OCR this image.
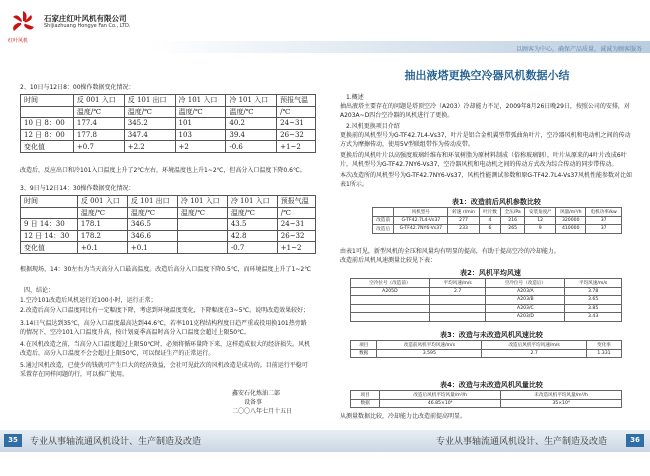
红叶风机
石家庄红叶风机有限公司
Shijiazhuang Hongye Fan Co., LTD.
以顾客为中心，确保产品质量，诚诚为顾客服务
2、10日与12日8：00操作数据变化情况：
时间	反 001 入口	反 101 出口	冷 101 入口	冷 101 入口	预报气温
	温度/℃	温度/℃	温度/℃	温度/℃	/℃
10 日 8：00	177.4	345.2	101	40.2	24~31
12 日 8：00	177.8	347.4	103	39.4	26~32
变化值	+0.7	+2.2	+2	-0.6	+1~2
改造后，反应出口和冷101入口温度上升了2℃左右，环境温度也上升1~2℃，但高分入口温度下降0.6℃。
3、9日与12日14：30操作数据变化情况：
时间	反 001 入口	反 101 出口	冷 101 入口	冷 101 入口	预报气温
	温度/℃	温度/℃	温度/℃	温度/℃	/℃
9 日 14：30	178.1	346.5		43.5	24~31
12 日 14：30	178.2	346.6		42.8	26~32
变化值	+0.1	+0.1		-0.7	+1~2
根据现场、14：30左右为当天高分入口最高温度。改造后高分入口温度下降0.5℃，而环境温度上升了1~2℃
四、结论：
1.空冷101改造后风机运行近100小时，运行正常；
2.改造后高分入口温度同比有一定幅度下降，考虑到环境温度变化，下降幅度在3~5℃，说明改造效果较好；
3.14日气温达到35℃，高分入口温度最高达到44.6℃，若率101克程结构程度日趋严重或投用换101热旁路的情况下，空冷101入口温度升高，按计划夏季高温时高分入口温度会超过上限50℃。
4.在风机改造之前，当高分入口温度超过上限50℃时，必须将循环量降下来，这样造成很大的经济损失。风机改造后，高分入口温度不会会超过上限50℃，可以保证生产的正常运行。
5.通过风机改造，已使少的钱就可产生巨大的经济效益，会社可见此次的风机改造是成功的。目前运行平稳可采置存在同样问题的行，可以推广使用。
鑫安石化炼油二部
设备事
二〇〇八年七月十五日
抽出液塔更换空冷器风机数据小结
1.概述
抽出液塔主要存在的问题是塔顶空冷（A203）冷却能力不足，2009年8月26日晚29日，按照公司的安排，对A203A~D四台空冷器的风机进行了更换。
2.风机更换项目介绍
更换前的风机型号为G-TF42.7L4-Vs37，叶片是铝合金机翼型带弧曲角叶片，空冷器风机和电动机之间的传动方式为摩擦传动，使用5V型联组带作为传动皮带。
更换后的风机叶片以高强度玻璃纤维布和环氧树脂为原材料制成（俗称玻璃钢），叶片从原来的4叶片改成6叶片，风机型号为G-TF42.7NY6-Vs37，空冷器风机和电动机之间的传动方式改为综合传动的同步带传动。
本次改造所的风机型号为G-TF42.7NY6-Vs37，风机性能测试参数和原G-TF42.7L4-Vs37风机性能参数对比如表1所示。
表1：改造前后风机参数比较
	风机型号	转速 r/min	叶片数	全压/Pa	安装角度/°	风量/m³/h	电机功率/kw
改造前	G-TF42.7L4-Vs37	277	4	216	12	320000	37
改造后	G-TF42.7NY6-Vs37	233	6	265	9	410000	37
由表1可见，新型风机的全压和风量均有明显的提高，有助于提高空冷的冷却能力。
改造前后风机风速测量比较见下表：
表2：风机平均风速
空冷位号（改造前）	平均风速/m/s	空冷位号（改造后）	平均风速/m/s
A205D	2.7	A203/A	3.78
		A203/B	3.65
		A203/C	3.85
		A203/D	3.43
表3：改造与未改造风机风速比较
项目	改造前风机平均风速/m/s	改造后风机平均风速/m/s	变化率
数据	3.595	2.7	1.331
表4：改造与未改造风机风量比较
项目	改造后风机平均风量/m³/h	未改造风机平均风量/m³/h
数据	46.85×10⁴	35×10⁴
从测量数据比较，冷却能力比改造前提高明显。
35	专业从事轴流通风机设计、生产制造及改造	专业从事轴流通风机设计、生产制造及改造	36
